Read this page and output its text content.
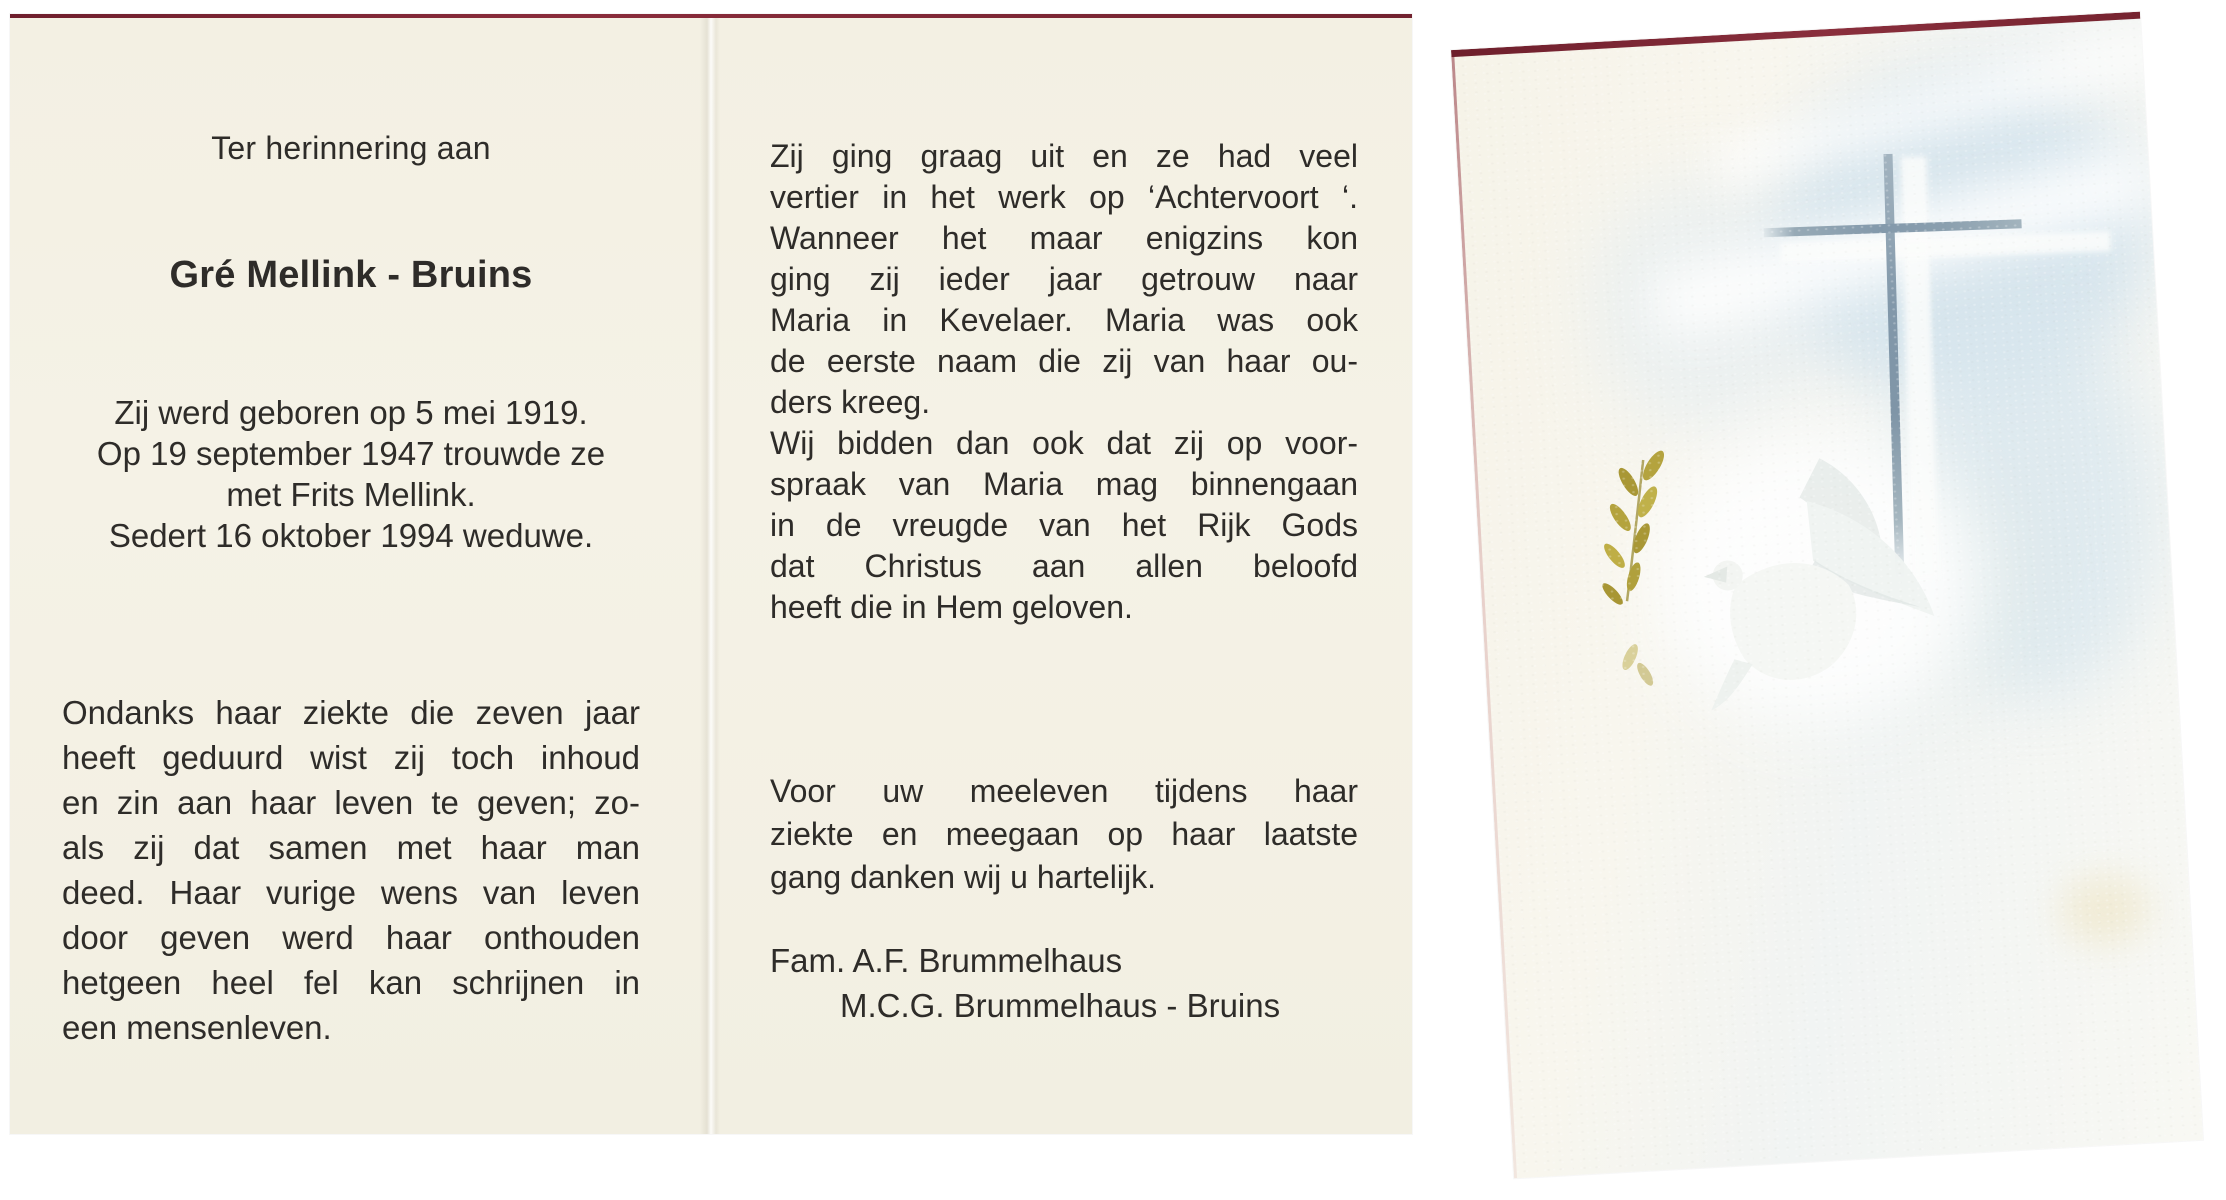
Ter herinnering aan
Gré Mellink - Bruins
Zij werd geboren op 5 mei 1919.
Op 19 september 1947 trouwde ze
met Frits Mellink.
Sedert 16 oktober 1994 weduwe.
Ondanks haar ziekte die zeven jaar
heeft geduurd wist zij toch inhoud
en zin aan haar leven te geven; zo-
als zij dat samen met haar man
deed. Haar vurige wens van leven
door geven werd haar onthouden
hetgeen heel fel kan schrijnen in
een mensenleven.
Zij ging graag uit en ze had veel
vertier in het werk op ‘Achtervoort ‘.
Wanneer het maar enigzins kon
ging zij ieder jaar getrouw naar
Maria in Kevelaer. Maria was ook
de eerste naam die zij van haar ou-
ders kreeg.
Wij bidden dan ook dat zij op voor-
spraak van Maria mag binnengaan
in de vreugde van het Rijk Gods
dat Christus aan allen beloofd
heeft die in Hem geloven.
Voor uw meeleven tijdens haar
ziekte en meegaan op haar laatste
gang danken wij u hartelijk.
Fam. A.F. Brummelhaus
M.C.G. Brummelhaus - Bruins
